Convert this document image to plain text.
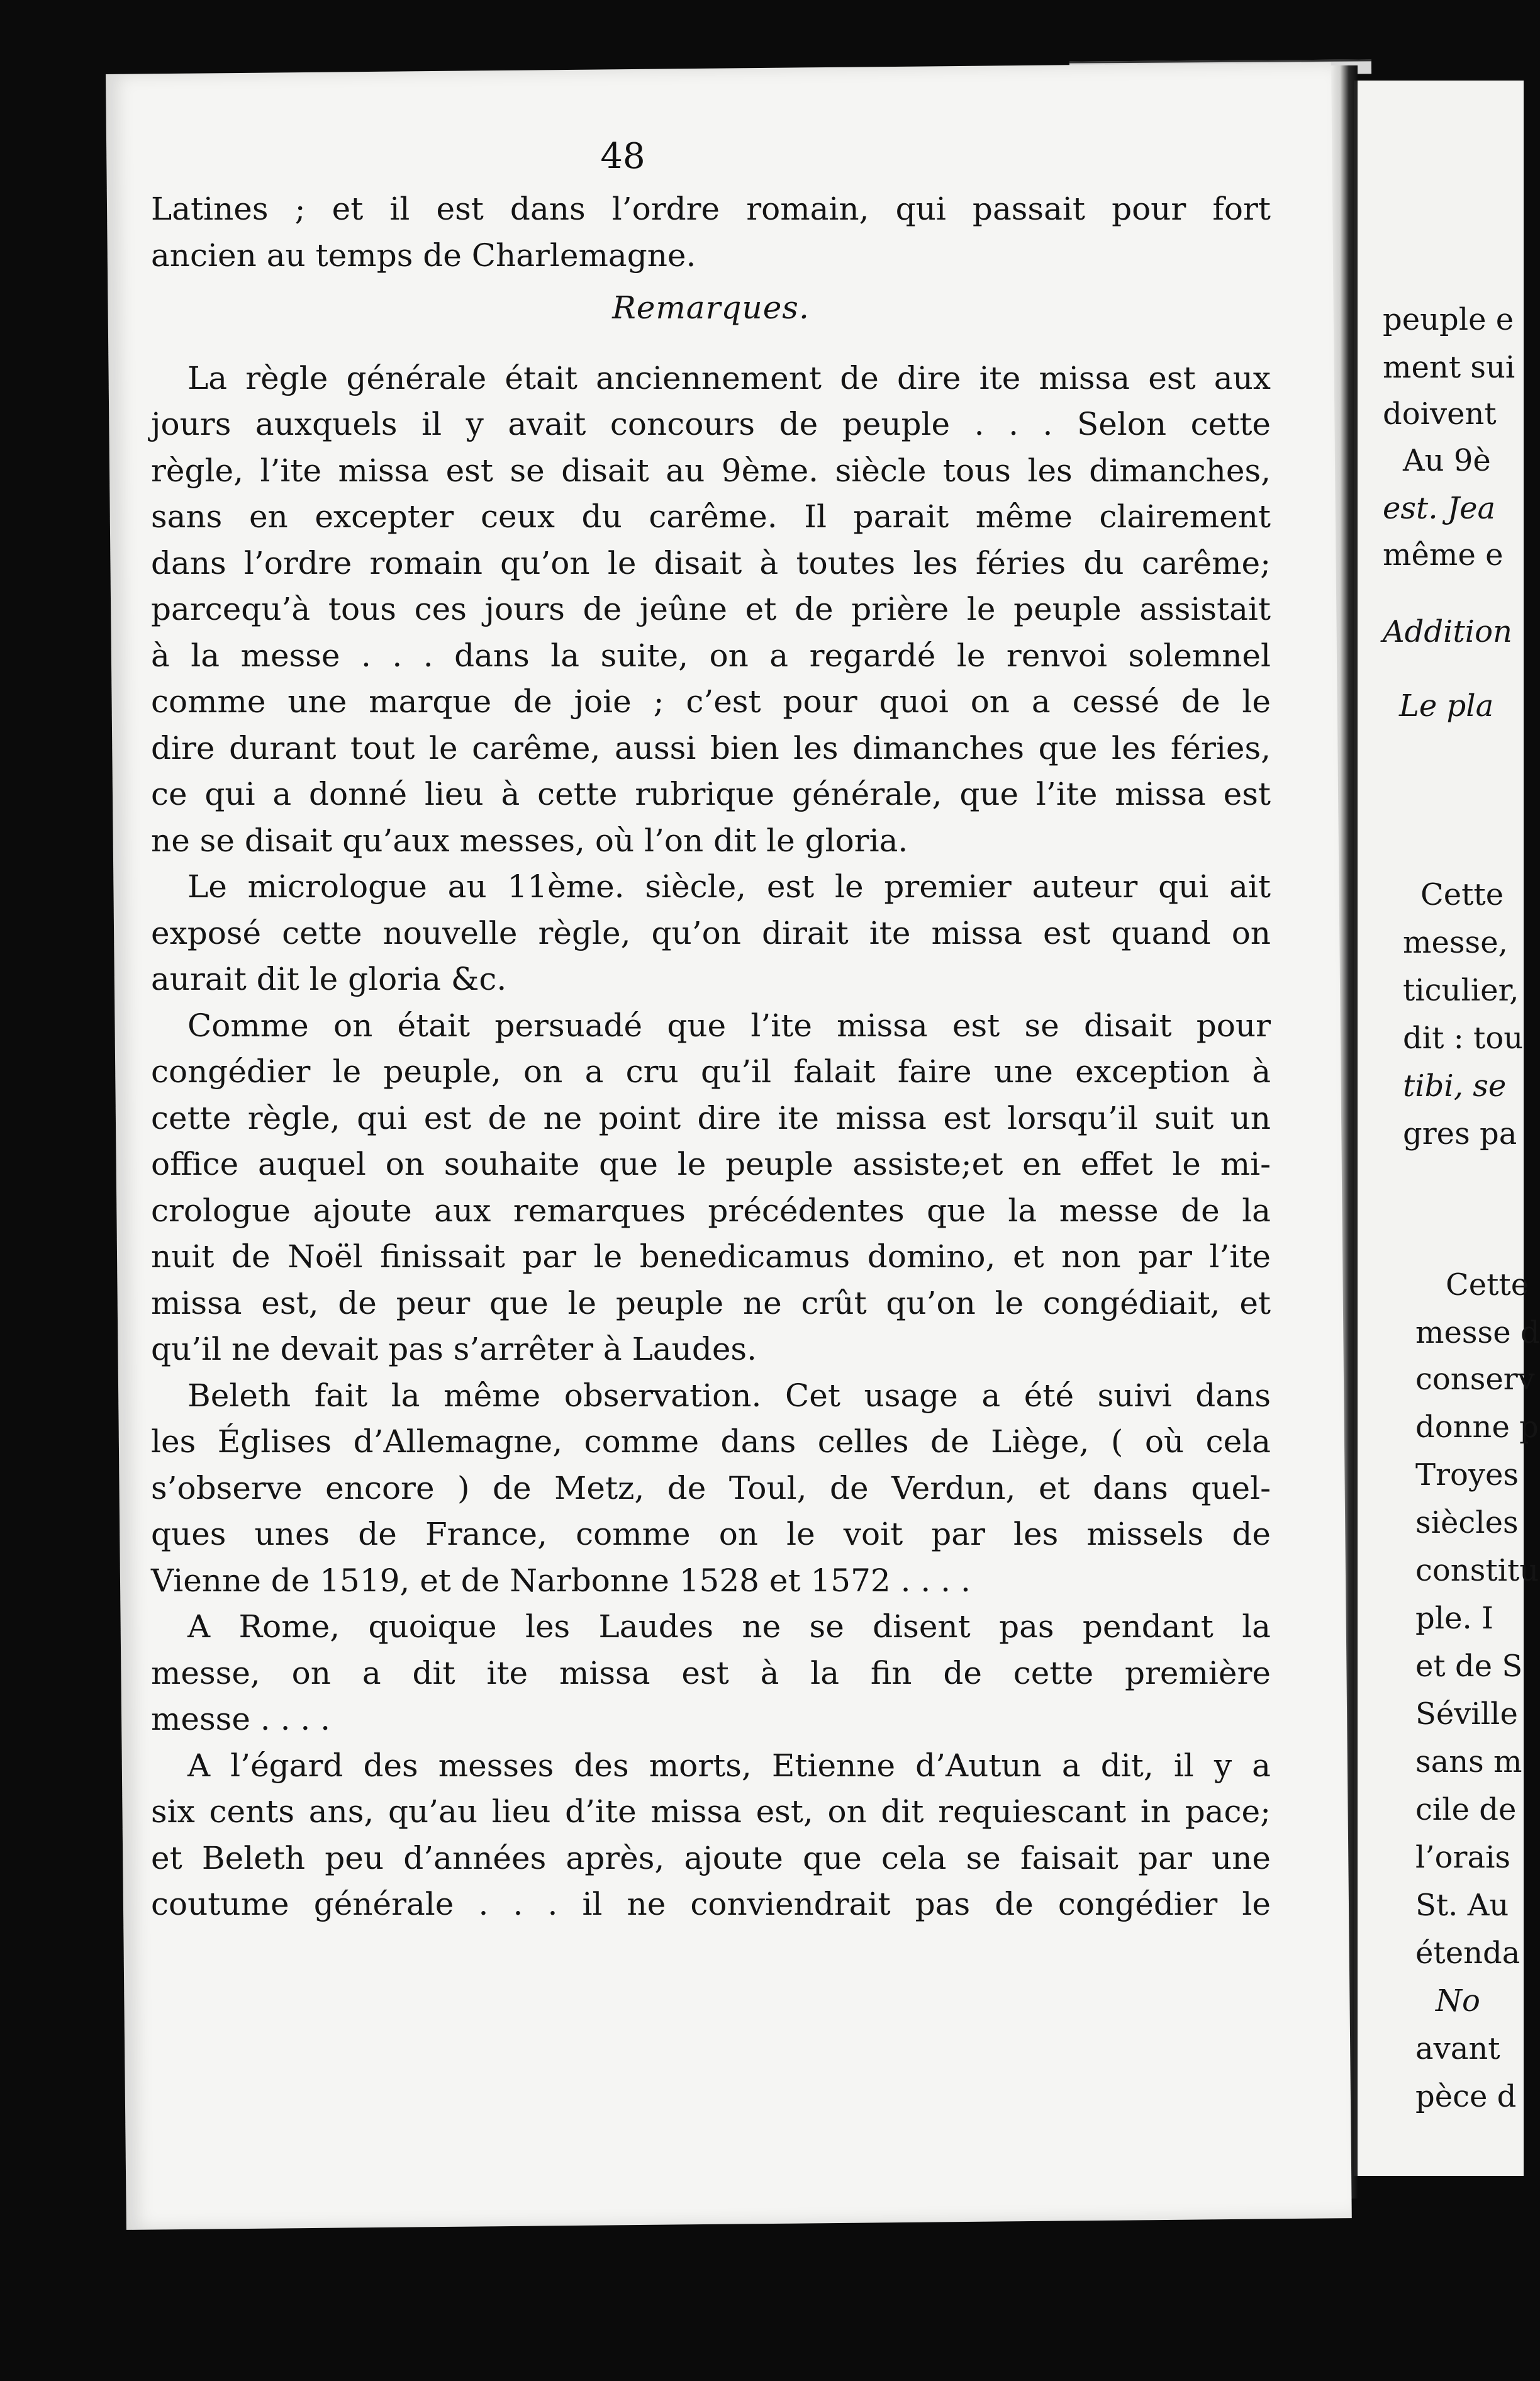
48
Latines ; et il est dans l’ordre romain, qui passait pour fort
ancien au temps de Charlemagne.
Remarques.
La règle générale était anciennement de dire ite missa est aux
jours auxquels il y avait concours de peuple . . . Selon cette
règle, l’ite missa est se disait au 9ème. siècle tous les dimanches,
sans en excepter ceux du carême. Il parait même clairement
dans l’ordre romain qu’on le disait à toutes les féries du carême;
parcequ’à tous ces jours de jeûne et de prière le peuple assistait
à la messe . . . dans la suite, on a regardé le renvoi solemnel
comme une marque de joie ; c’est pour quoi on a cessé de le
dire durant tout le carême, aussi bien les dimanches que les féries,
ce qui a donné lieu à cette rubrique générale, que l’ite missa est
ne se disait qu’aux messes, où l’on dit le gloria.
Le micrologue au 11ème. siècle, est le premier auteur qui ait
exposé cette nouvelle règle, qu’on dirait ite missa est quand on
aurait dit le gloria &c.
Comme on était persuadé que l’ite missa est se disait pour
congédier le peuple, on a cru qu’il falait faire une exception à
cette règle, qui est de ne point dire ite missa est lorsqu’il suit un
office auquel on souhaite que le peuple assiste;et en effet le mi-
crologue ajoute aux remarques précédentes que la messe de la
nuit de Noël finissait par le benedicamus domino, et non par l’ite
missa est, de peur que le peuple ne crût qu’on le congédiait, et
qu’il ne devait pas s’arrêter à Laudes.
Beleth fait la même observation. Cet usage a été suivi dans
les Églises d’Allemagne, comme dans celles de Liège, ( où cela
s’observe encore ) de Metz, de Toul, de Verdun, et dans quel-
ques unes de France, comme on le voit par les missels de
Vienne de 1519, et de Narbonne 1528 et 1572 . . . .
A Rome, quoique les Laudes ne se disent pas pendant la
messe, on a dit ite missa est à la fin de cette première
messe . . . .
A l’égard des messes des morts, Etienne d’Autun a dit, il y a
six cents ans, qu’au lieu d’ite missa est, on dit requiescant in pace;
et Beleth peu d’années après, ajoute que cela se faisait par une
coutume générale . . . il ne conviendrait pas de congédier le
peuple e
ment sui
doivent
Au 9è
est. Jea
même e
Addition
Le pla
Cette
messe,
ticulier,
dit : tou
tibi, se
gres pa
Cette
messe d
conserv
donne p
Troyes
siècles
constitu
ple. I
et de S
Séville
sans m
cile de
l’orais
St. Au
étenda
No
avant
pèce d
